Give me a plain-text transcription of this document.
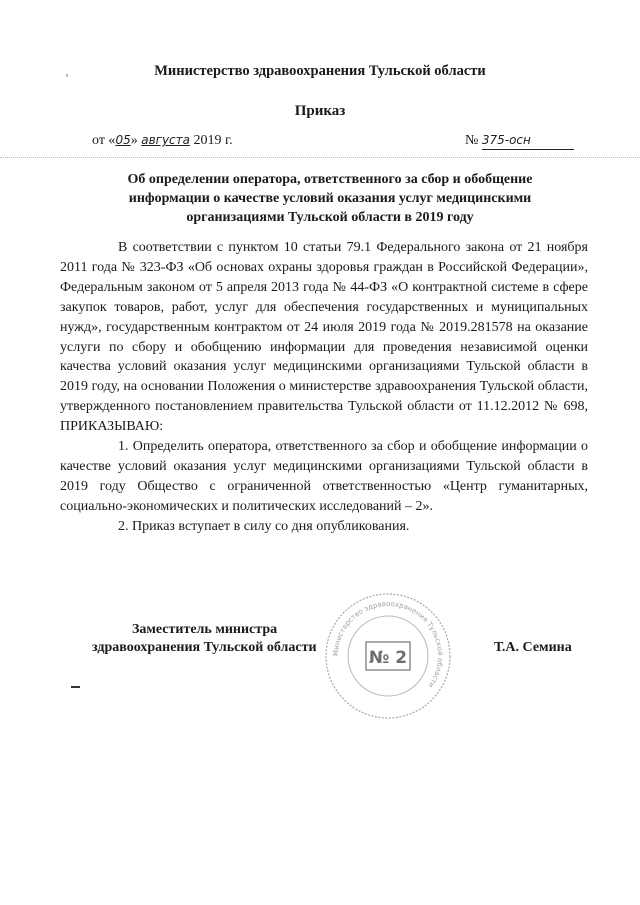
Министерство здравоохранения Тульской области
Приказ
от «05» августа 2019 г.	№ 375-осн
Об определении оператора, ответственного за сбор и обобщение информации о качестве условий оказания услуг медицинскими организациями Тульской области в 2019 году

В соответствии с пунктом 10 статьи 79.1 Федерального закона от 21 ноября 2011 года № 323-ФЗ «Об основах охраны здоровья граждан в Российской Федерации», Федеральным законом от 5 апреля 2013 года № 44-ФЗ «О контрактной системе в сфере закупок товаров, работ, услуг для обеспечения государственных и муниципальных нужд», государственным контрактом от 24 июля 2019 года № 2019.281578 на оказание услуги по сбору и обобщению информации для проведения независимой оценки качества условий оказания услуг медицинскими организациями Тульской области в 2019 году, на основании Положения о министерстве здравоохранения Тульской области, утвержденного постановлением правительства Тульской области от 11.12.2012 № 698, ПРИКАЗЫВАЮ:

1. Определить оператора, ответственного за сбор и обобщение информации о качестве условий оказания услуг медицинскими организациями Тульской области в 2019 году Общество с ограниченной ответственностью «Центр гуманитарных, социально-экономических и политических исследований – 2».

2. Приказ вступает в силу со дня опубликования.

Заместитель министра
здравоохранения Тульской области	Т.А. Семина
Министерство здравоохранения Тульской области
№ 2
